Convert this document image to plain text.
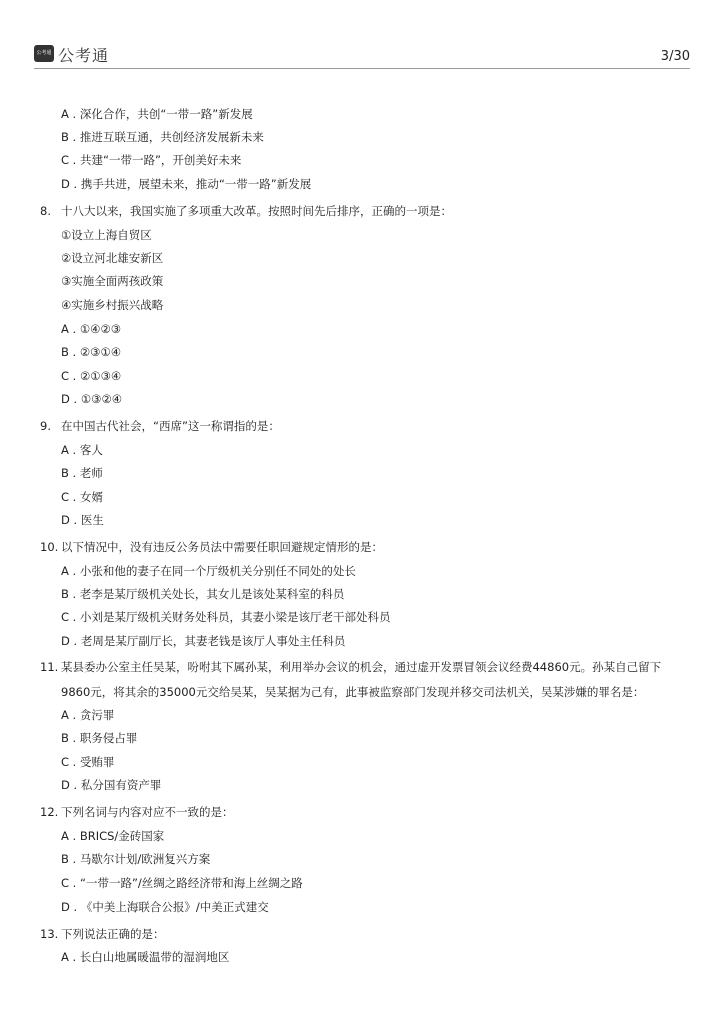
公考通 公考通	3/30
A . 深化合作，共创“一带一路”新发展
B . 推进互联互通，共创经济发展新未来
C . 共建“一带一路”，开创美好未来
D . 携手共进，展望未来，推动“一带一路”新发展
8. 十八大以来，我国实施了多项重大改革。按照时间先后排序，正确的一项是：
①设立上海自贸区
②设立河北雄安新区
③实施全面两孩政策
④实施乡村振兴战略
A . ①④②③
B . ②③①④
C . ②①③④
D . ①③②④
9. 在中国古代社会，“西席”这一称谓指的是：
A . 客人
B . 老师
C . 女婿
D . 医生
10. 以下情况中，没有违反公务员法中需要任职回避规定情形的是：
A . 小张和他的妻子在同一个厅级机关分别任不同处的处长
B . 老李是某厅级机关处长，其女儿是该处某科室的科员
C . 小刘是某厅级机关财务处科员，其妻小梁是该厅老干部处科员
D . 老周是某厅副厅长，其妻老钱是该厅人事处主任科员
11. 某县委办公室主任吴某，吩咐其下属孙某，利用举办会议的机会，通过虚开发票冒领会议经费44860元。孙某自己留下
9860元，将其余的35000元交给吴某，吴某据为己有，此事被监察部门发现并移交司法机关，吴某涉嫌的罪名是：
A . 贪污罪
B . 职务侵占罪
C . 受贿罪
D . 私分国有资产罪
12. 下列名词与内容对应不一致的是：
A . BRICS/金砖国家
B . 马歇尔计划/欧洲复兴方案
C . “一带一路”/丝绸之路经济带和海上丝绸之路
D . 《中美上海联合公报》/中美正式建交
13. 下列说法正确的是：
A . 长白山地属暖温带的湿润地区
